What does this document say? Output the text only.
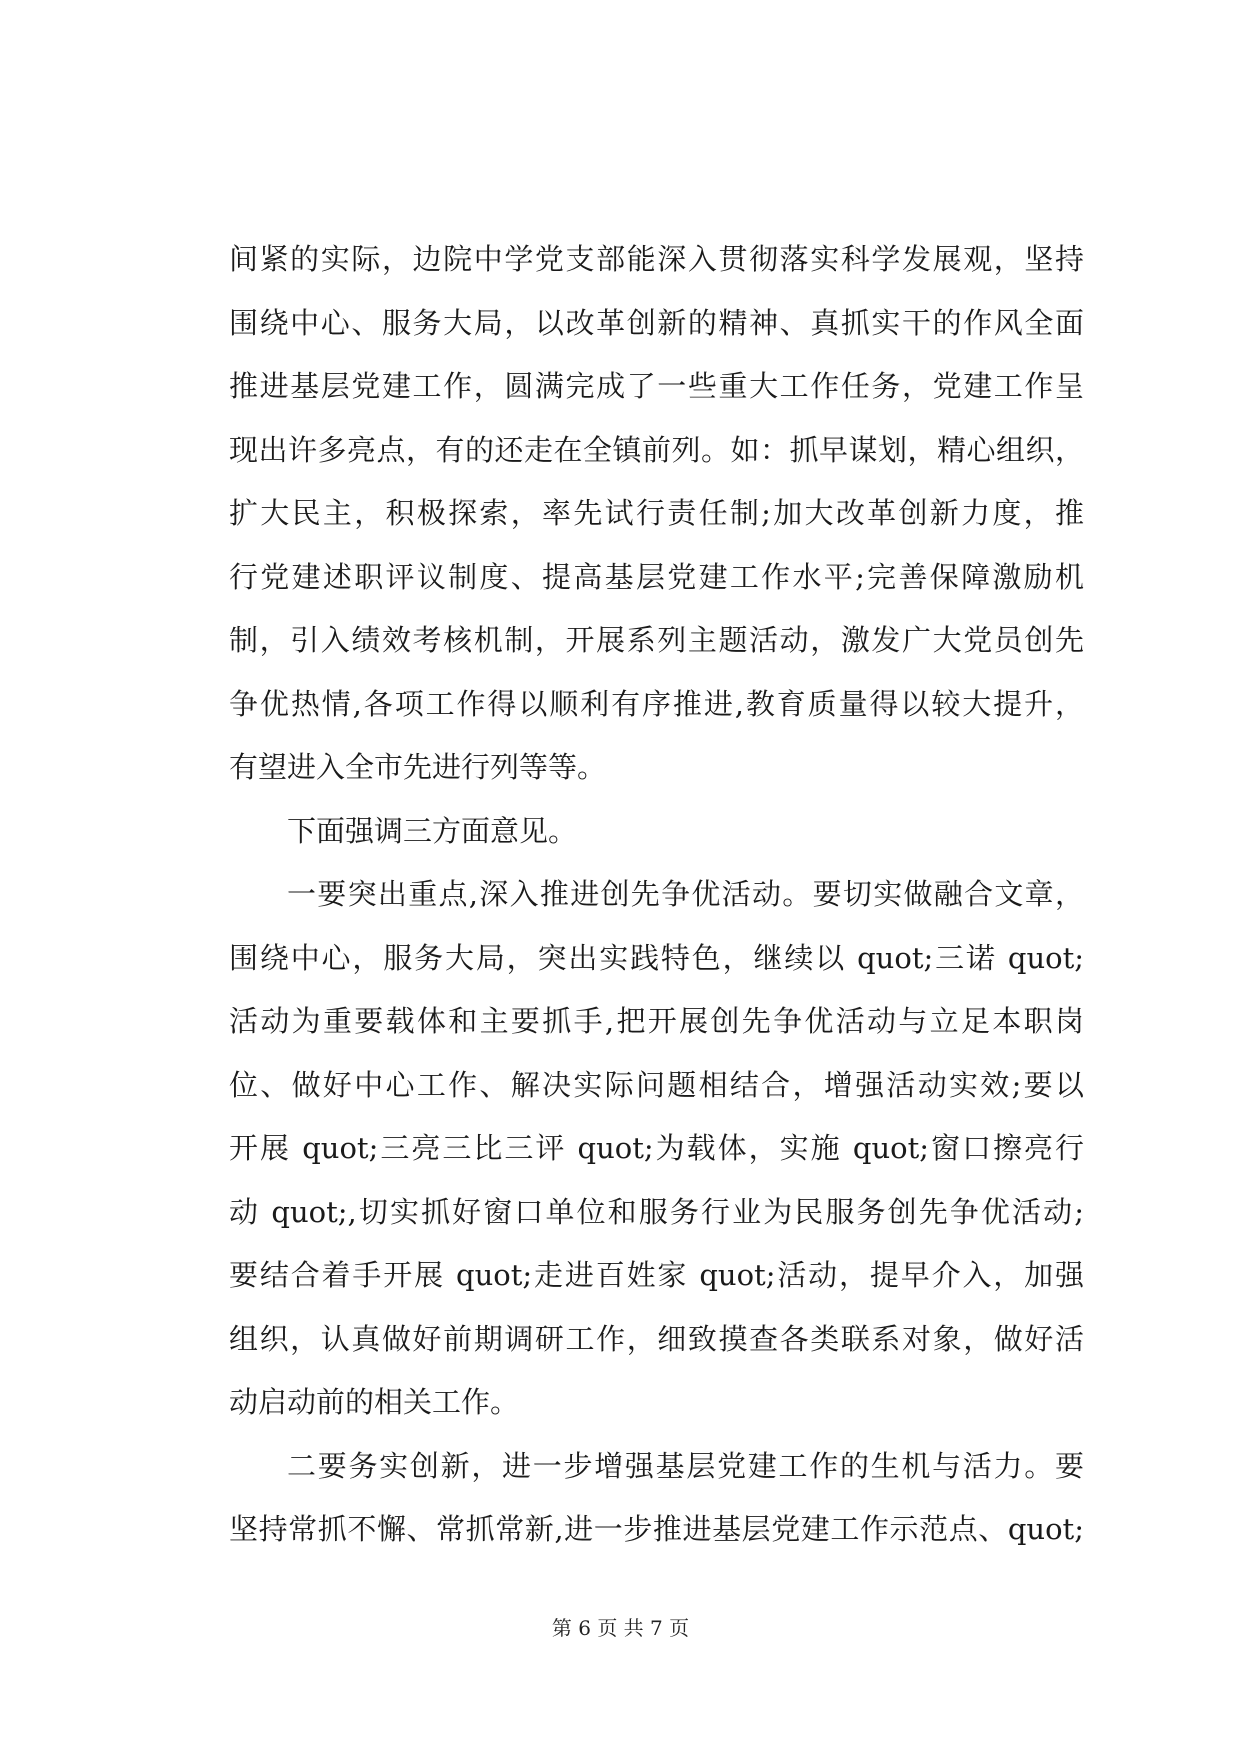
间紧的实际，边院中学党支部能深入贯彻落实科学发展观，坚持
围绕中心、服务大局，以改革创新的精神、真抓实干的作风全面
推进基层党建工作，圆满完成了一些重大工作任务，党建工作呈
现出许多亮点，有的还走在全镇前列。如：抓早谋划，精心组织，
扩大民主，积极探索，率先试行责任制;加大改革创新力度，推
行党建述职评议制度、提高基层党建工作水平;完善保障激励机
制，引入绩效考核机制，开展系列主题活动，激发广大党员创先
争优热情,各项工作得以顺利有序推进,教育质量得以较大提升，
有望进入全市先进行列等等。
下面强调三方面意见。
一要突出重点,深入推进创先争优活动。要切实做融合文章，
围绕中心，服务大局，突出实践特色，继续以 quot;三诺 quot;
活动为重要载体和主要抓手,把开展创先争优活动与立足本职岗
位、做好中心工作、解决实际问题相结合，增强活动实效;要以
开展 quot;三亮三比三评 quot;为载体，实施 quot;窗口擦亮行
动 quot;,切实抓好窗口单位和服务行业为民服务创先争优活动;
要结合着手开展 quot;走进百姓家 quot;活动，提早介入，加强
组织，认真做好前期调研工作，细致摸查各类联系对象，做好活
动启动前的相关工作。
二要务实创新，进一步增强基层党建工作的生机与活力。要
坚持常抓不懈、常抓常新,进一步推进基层党建工作示范点、quot;
第 6 页 共 7 页
